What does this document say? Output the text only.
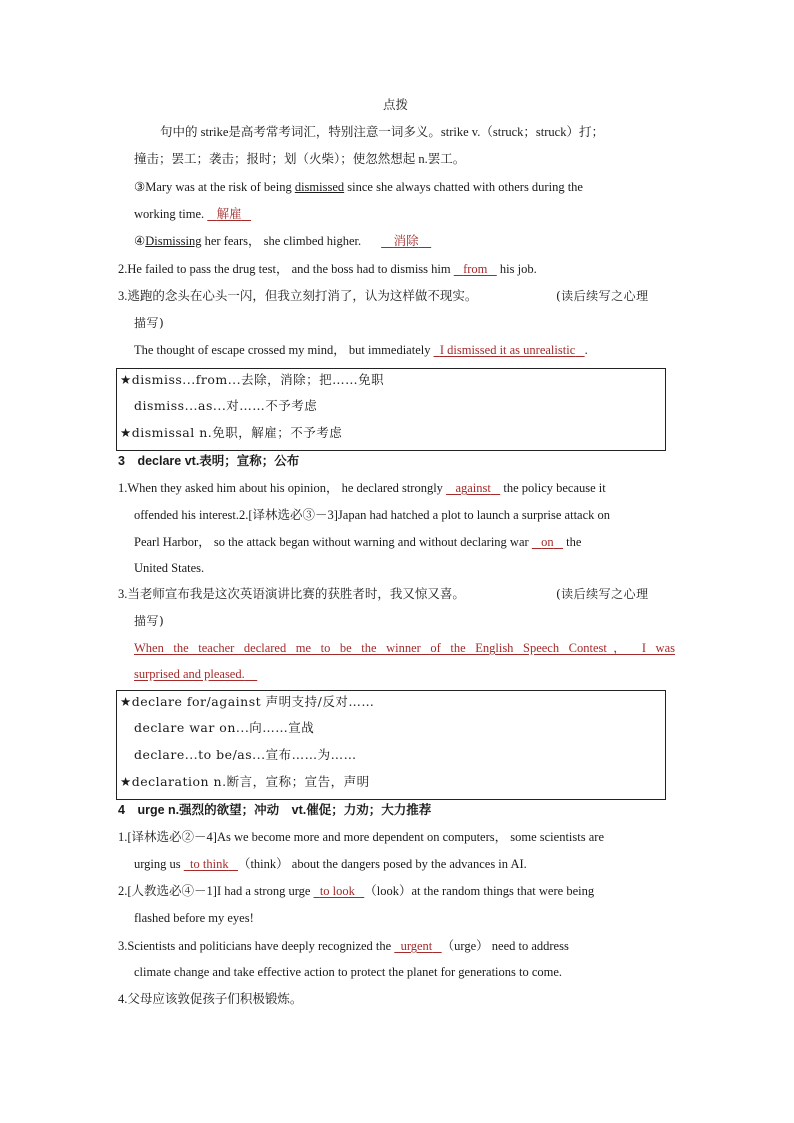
点拨
句中的 strike是高考常考词汇，特别注意一词多义。strike v.（struck；struck）打；
撞击；罢工；袭击；报时；划（火柴）；使忽然想起 n.罢工。
③Mary was at the risk of being dismissed since she always chatted with others during the
working time.    解雇
④Dismissing her fears， she climbed higher.	消除
2.He failed to pass the drug test， and the boss had to dismiss him    from    his job.
3.逃跑的念头在心头一闪，但我立刻打消了，认为这样做不现实。	(读后续写之心理
描写)
The thought of escape crossed my mind， but immediately   I dismissed it as unrealistic .
★dismiss...from...去除，消除；把……免职
dismiss...as...对……不予考虑
★dismissal n.免职，解雇；不予考虑
3　declare vt.表明；宣称；公布
1.When they asked him about his opinion， he declared strongly    against    the policy because it
offended his interest.2.[译林选必③－3]Japan had hatched a plot to launch a surprise attack on
Pearl Harbor， so the attack began without warning and without declaring war    on    the
United States.
3.当老师宣布我是这次英语演讲比赛的获胜者时，我又惊又喜。	(读后续写之心理
描写)
When the teacher declared me to be the winner of the English Speech Contest， I was
surprised and pleased.
★declare for/against 声明支持/反对……
declare war on...向……宣战
declare...to be/as...宣布……为……
★declaration n.断言，宣称；宣告，声明
4　urge n.强烈的欲望；冲动　vt.催促；力劝；大力推荐
1.[译林选必②－4]As we become more and more dependent on computers， some scientists are
urging us   to think （think） about the dangers posed by the advances in AI.
2.[人教选必④－1]I had a strong urge   to look （look）at the random things that were being
flashed before my eyes!
3.Scientists and politicians have deeply recognized the   urgent （urge） need to address
climate change and take effective action to protect the planet for generations to come.
4.父母应该敦促孩子们积极锻炼。
